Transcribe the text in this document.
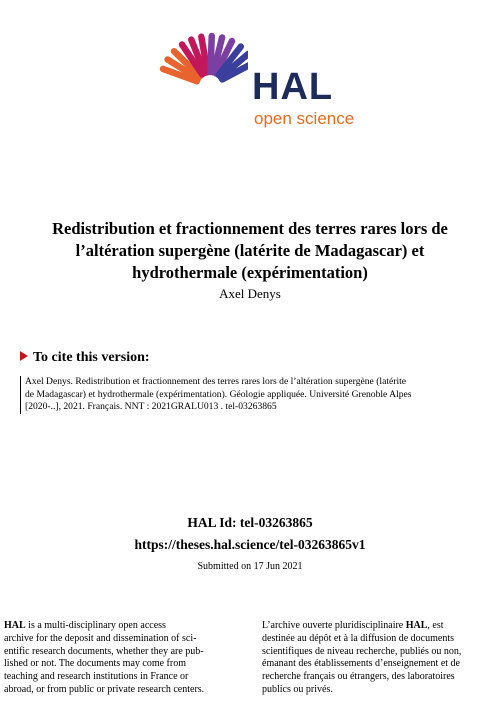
HAL
open science
Redistribution et fractionnement des terres rares lors de
l’altération supergène (latérite de Madagascar) et
hydrothermale (expérimentation)
Axel Denys
To cite this version:
Axel Denys. Redistribution et fractionnement des terres rares lors de l’altération supergène (latérite
de Madagascar) et hydrothermale (expérimentation). Géologie appliquée. Université Grenoble Alpes
[2020-..], 2021. Français. NNT : 2021GRALU013 . tel-03263865
HAL Id: tel-03263865
https://theses.hal.science/tel-03263865v1
Submitted on 17 Jun 2021
HAL is a multi-disciplinary open access
archive for the deposit and dissemination of sci-
entific research documents, whether they are pub-
lished or not. The documents may come from
teaching and research institutions in France or
abroad, or from public or private research centers.
L’archive ouverte pluridisciplinaire HAL, est
destinée au dépôt et à la diffusion de documents
scientifiques de niveau recherche, publiés ou non,
émanant des établissements d’enseignement et de
recherche français ou étrangers, des laboratoires
publics ou privés.
